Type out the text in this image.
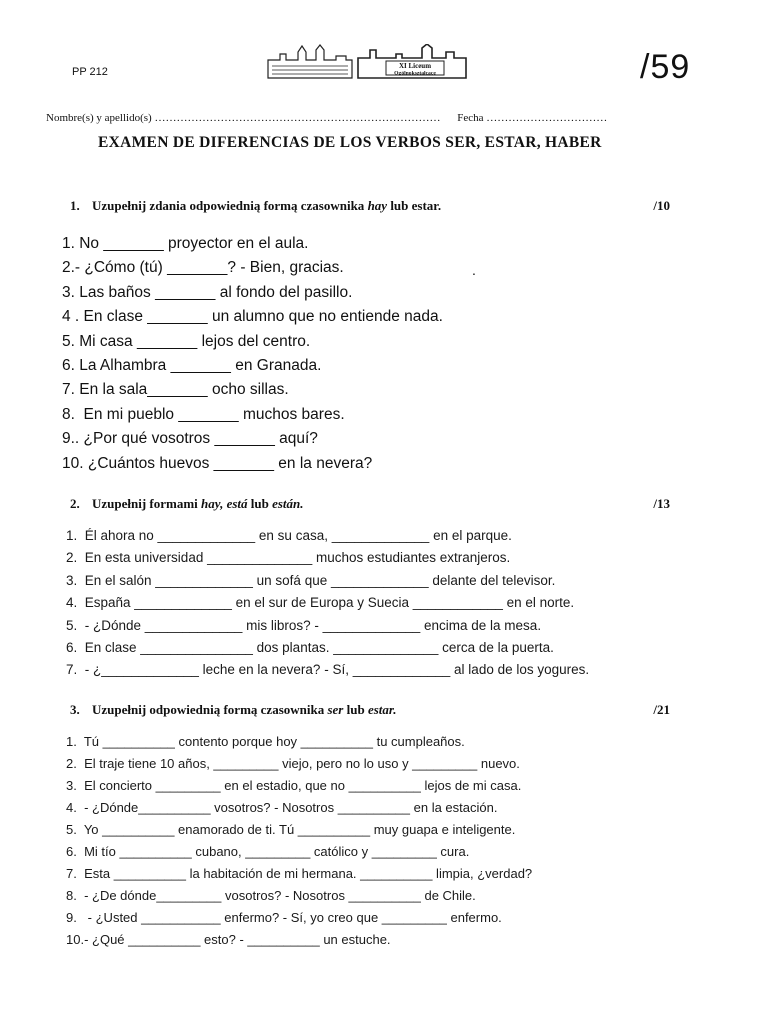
PP 212	XI Liceum
Ogólnokształcące	/59
Nombre(s) y apellido(s) …………………………………………………………………… Fecha ……………………………
EXAMEN DE DIFERENCIAS DE LOS VERBOS SER, ESTAR, HABER
1. Uzupełnij zdania odpowiednią formą czasownika hay lub estar.	/10
1. No _______ proyector en el aula.
2.- ¿Cómo (tú) _______? - Bien, gracias.
3. Las baños _______ al fondo del pasillo.
4 . En clase _______ un alumno que no entiende nada.
5. Mi casa _______ lejos del centro.
6. La Alhambra _______ en Granada.
7. En la sala_______ ocho sillas.
8.  En mi pueblo _______ muchos bares.
9.. ¿Por qué vosotros _______ aquí?
10. ¿Cuántos huevos _______ en la nevera?
.
2. Uzupełnij formami hay, está lub están.	/13
1.  Él ahora no _____________ en su casa, _____________ en el parque.
2.  En esta universidad ______________ muchos estudiantes extranjeros.
3.  En el salón _____________ un sofá que _____________ delante del televisor.
4.  España _____________ en el sur de Europa y Suecia ____________ en el norte.
5.  - ¿Dónde _____________ mis libros? - _____________ encima de la mesa.
6.  En clase _______________ dos plantas. ______________ cerca de la puerta.
7.  - ¿_____________ leche en la nevera? - Sí, _____________ al lado de los yogures.
3. Uzupełnij odpowiednią formą czasownika ser lub estar.	/21
1.  Tú __________ contento porque hoy __________ tu cumpleaños.
2.  El traje tiene 10 años, _________ viejo, pero no lo uso y _________ nuevo.
3.  El concierto _________ en el estadio, que no __________ lejos de mi casa.
4.  - ¿Dónde__________ vosotros? - Nosotros __________ en la estación.
5.  Yo __________ enamorado de ti. Tú __________ muy guapa e inteligente.
6.  Mi tío __________ cubano, _________ católico y _________ cura.
7.  Esta __________ la habitación de mi hermana. __________ limpia, ¿verdad?
8.  - ¿De dónde_________ vosotros? - Nosotros __________ de Chile.
9.   - ¿Usted ___________ enfermo? - Sí, yo creo que _________ enfermo.
10.- ¿Qué __________ esto? - __________ un estuche.
